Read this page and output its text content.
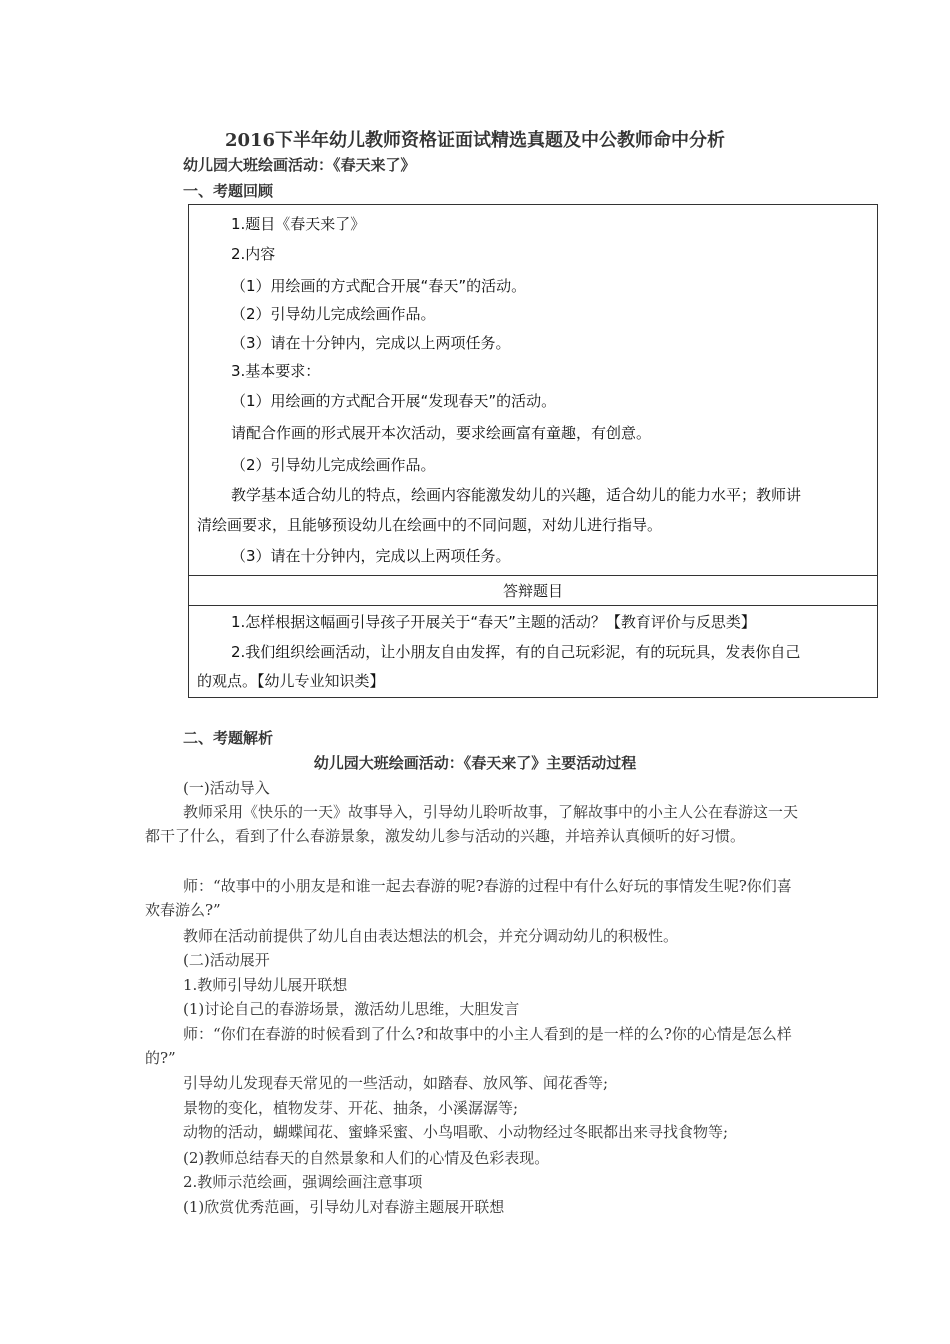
2016下半年幼儿教师资格证面试精选真题及中公教师命中分析
幼儿园大班绘画活动：《春天来了》
一、考题回顾
1.题目《春天来了》
2.内容
（1）用绘画的方式配合开展“春天”的活动。
（2）引导幼儿完成绘画作品。
（3）请在十分钟内，完成以上两项任务。
3.基本要求：
（1）用绘画的方式配合开展“发现春天”的活动。
请配合作画的形式展开本次活动，要求绘画富有童趣，有创意。
（2）引导幼儿完成绘画作品。
教学基本适合幼儿的特点，绘画内容能激发幼儿的兴趣，适合幼儿的能力水平；教师讲
清绘画要求，且能够预设幼儿在绘画中的不同问题，对幼儿进行指导。
（3）请在十分钟内，完成以上两项任务。
答辩题目
1.怎样根据这幅画引导孩子开展关于“春天”主题的活动？【教育评价与反思类】
2.我们组织绘画活动，让小朋友自由发挥，有的自己玩彩泥，有的玩玩具，发表你自己
的观点。【幼儿专业知识类】
二、考题解析
幼儿园大班绘画活动：《春天来了》主要活动过程
(一)活动导入
教师采用《快乐的一天》故事导入，引导幼儿聆听故事，了解故事中的小主人公在春游这一天都干了什么，看到了什么春游景象，激发幼儿参与活动的兴趣，并培养认真倾听的好习惯。
师：“故事中的小朋友是和谁一起去春游的呢?春游的过程中有什么好玩的事情发生呢?你们喜欢春游么?”
教师在活动前提供了幼儿自由表达想法的机会，并充分调动幼儿的积极性。
(二)活动展开
1.教师引导幼儿展开联想
(1)讨论自己的春游场景，激活幼儿思维，大胆发言
师：“你们在春游的时候看到了什么?和故事中的小主人看到的是一样的么?你的心情是怎么样的?”
引导幼儿发现春天常见的一些活动，如踏春、放风筝、闻花香等;
景物的变化，植物发芽、开花、抽条，小溪潺潺等;
动物的活动，蝴蝶闻花、蜜蜂采蜜、小鸟唱歌、小动物经过冬眠都出来寻找食物等;
(2)教师总结春天的自然景象和人们的心情及色彩表现。
2.教师示范绘画，强调绘画注意事项
(1)欣赏优秀范画，引导幼儿对春游主题展开联想
